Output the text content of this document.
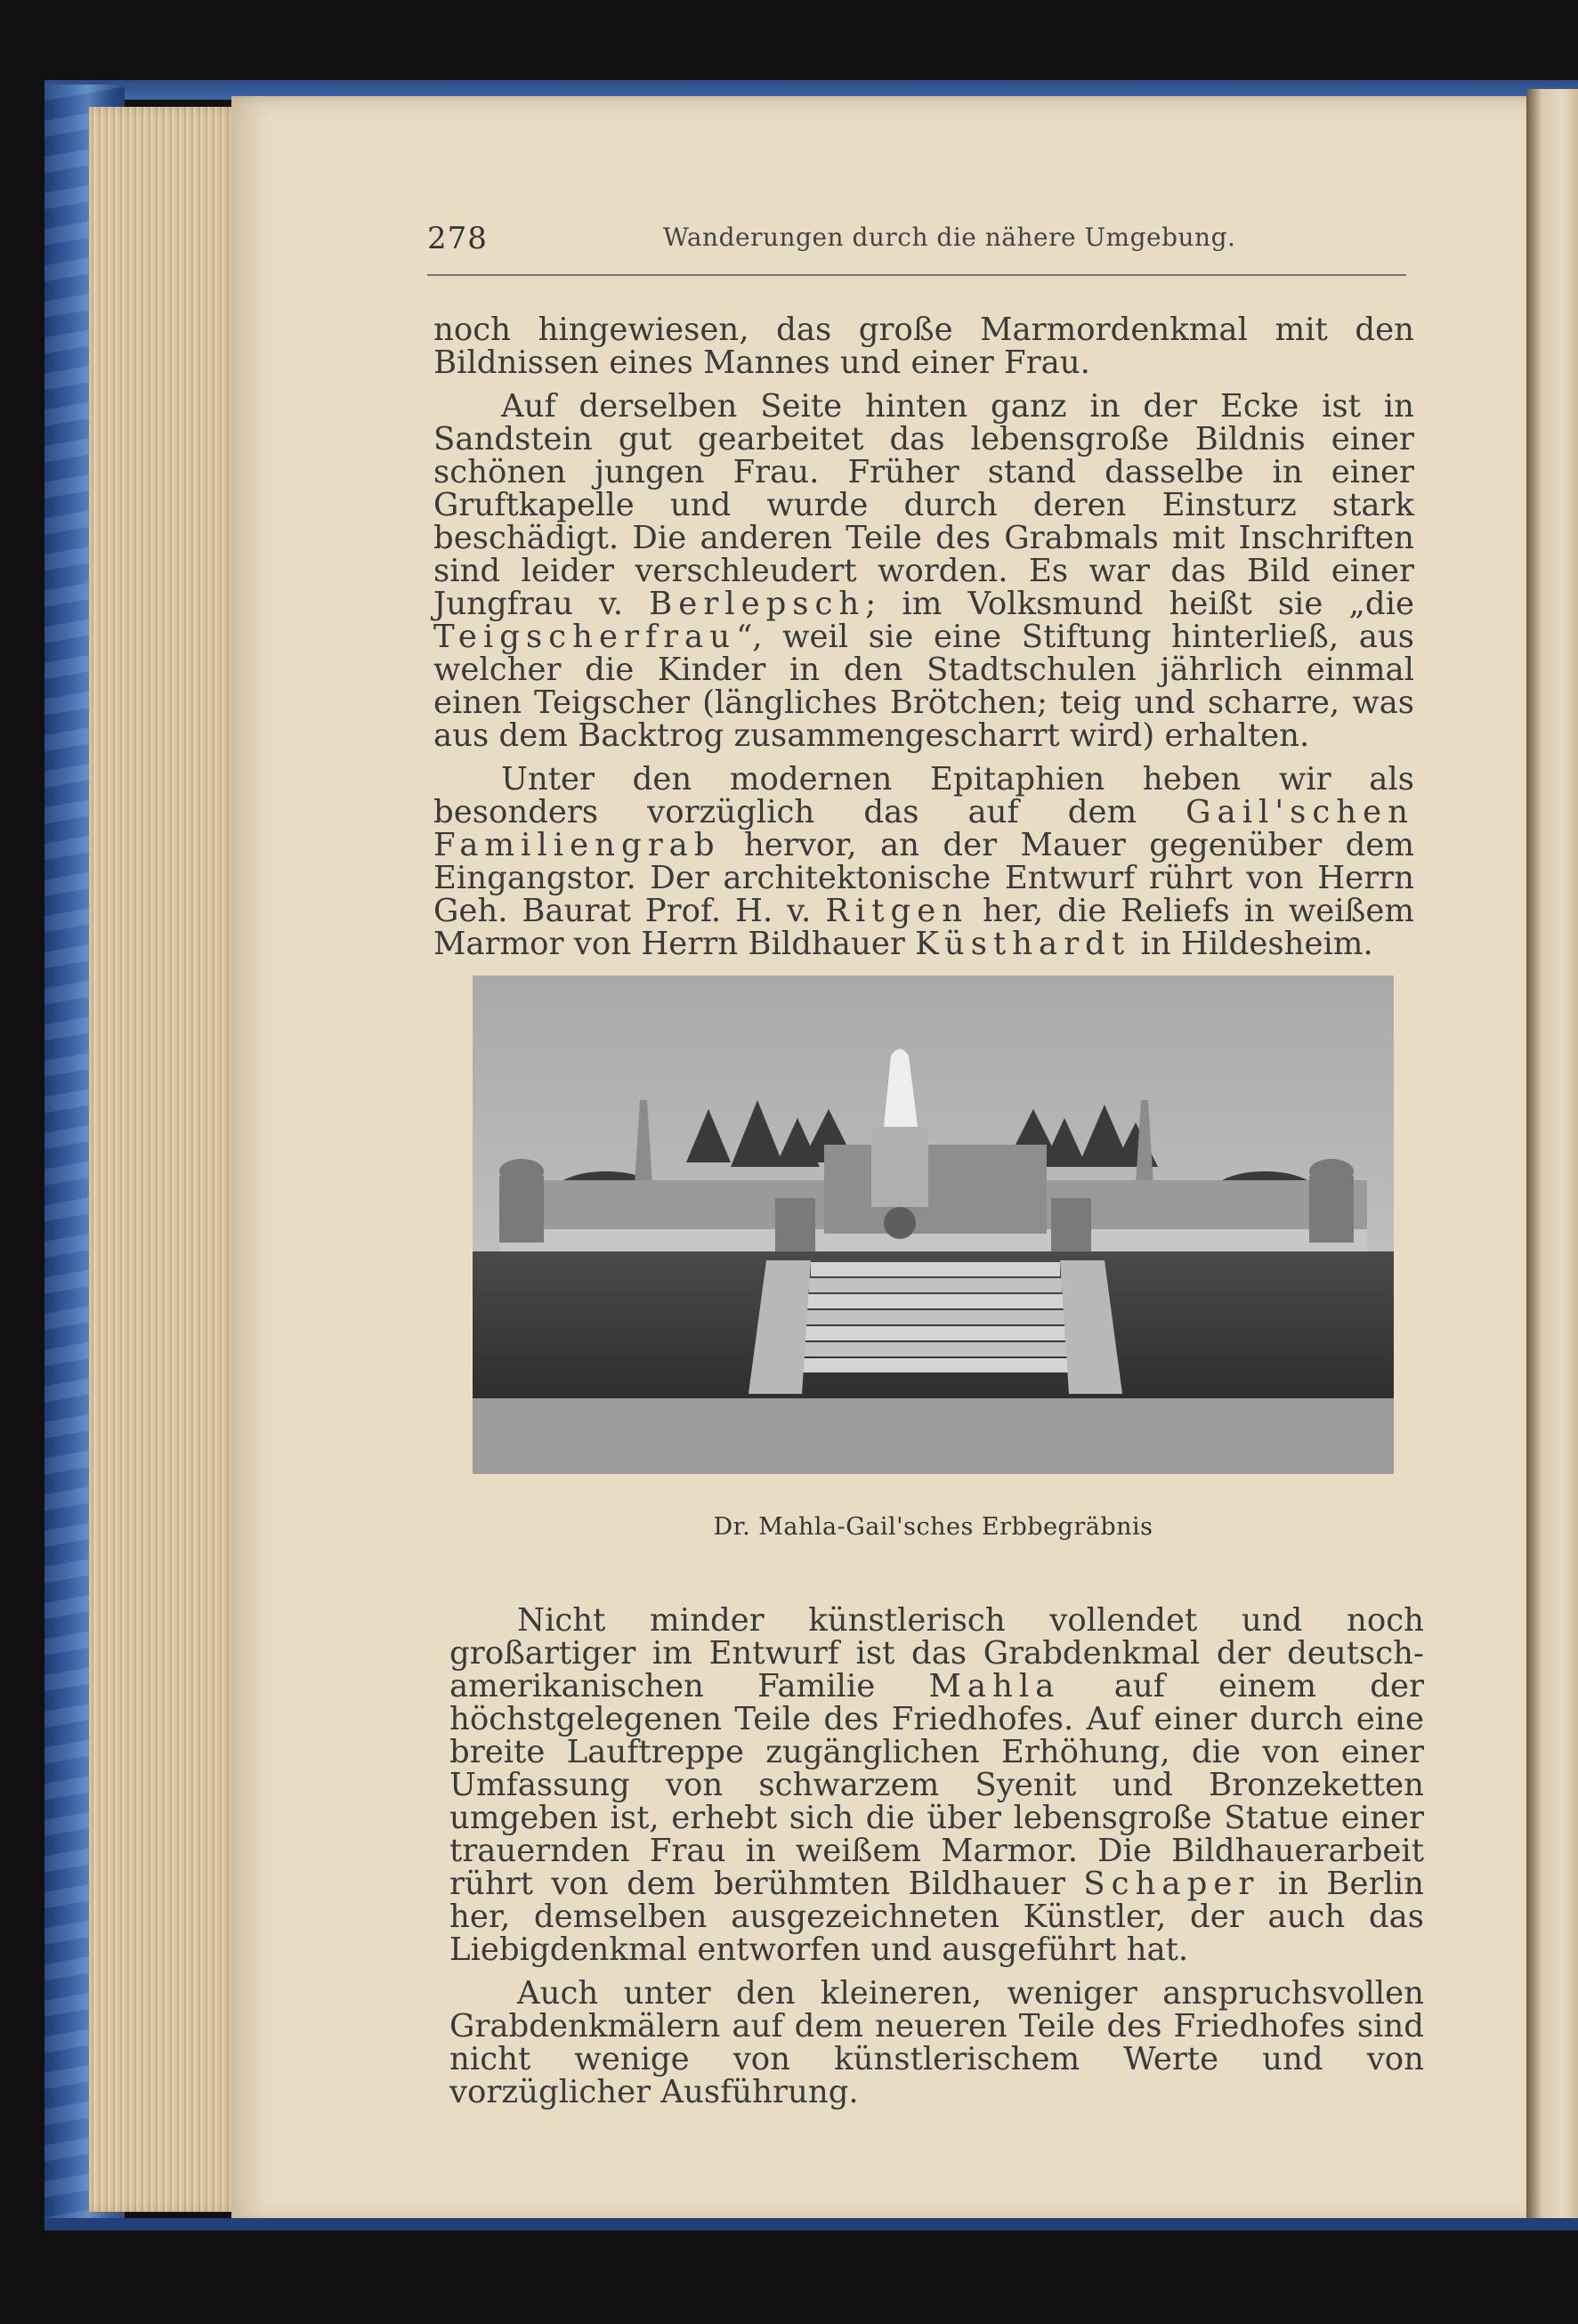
278	Wanderungen durch die nähere Umgebung.

noch hingewiesen, das große Marmordenkmal mit den Bildnissen eines Mannes und einer Frau.

Auf derselben Seite hinten ganz in der Ecke ist in Sandstein gut gearbeitet das lebensgroße Bildnis einer schönen jungen Frau. Früher stand dasselbe in einer Gruftkapelle und wurde durch deren Einsturz stark beschädigt. Die anderen Teile des Grabmals mit Inschriften sind leider verschleudert worden. Es war das Bild einer Jungfrau v. Berlepsch; im Volksmund heißt sie „die Teigscherfrau“, weil sie eine Stiftung hinterließ, aus welcher die Kinder in den Stadtschulen jährlich einmal einen Teigscher (längliches Brötchen; teig und scharre, was aus dem Backtrog zusammengescharrt wird) erhalten.

Unter den modernen Epitaphien heben wir als besonders vorzüglich das auf dem Gail'schen Familiengrab hervor, an der Mauer gegenüber dem Eingangstor. Der architektonische Entwurf rührt von Herrn Geh. Baurat Prof. H. v. Ritgen her, die Reliefs in weißem Marmor von Herrn Bildhauer Küsthardt in Hildesheim.

Dr. Mahla-Gail'sches Erbbegräbnis

Nicht minder künstlerisch vollendet und noch großartiger im Entwurf ist das Grabdenkmal der deutsch-amerikanischen Familie Mahla auf einem der höchstgelegenen Teile des Friedhofes. Auf einer durch eine breite Lauftreppe zugänglichen Erhöhung, die von einer Umfassung von schwarzem Syenit und Bronzeketten umgeben ist, erhebt sich die über lebensgroße Statue einer trauernden Frau in weißem Marmor. Die Bildhauerarbeit rührt von dem berühmten Bildhauer Schaper in Berlin her, demselben ausgezeichneten Künstler, der auch das Liebigdenkmal entworfen und ausgeführt hat.

Auch unter den kleineren, weniger anspruchsvollen Grabdenkmälern auf dem neueren Teile des Friedhofes sind nicht wenige von künstlerischem Werte und von vorzüglicher Ausführung.
